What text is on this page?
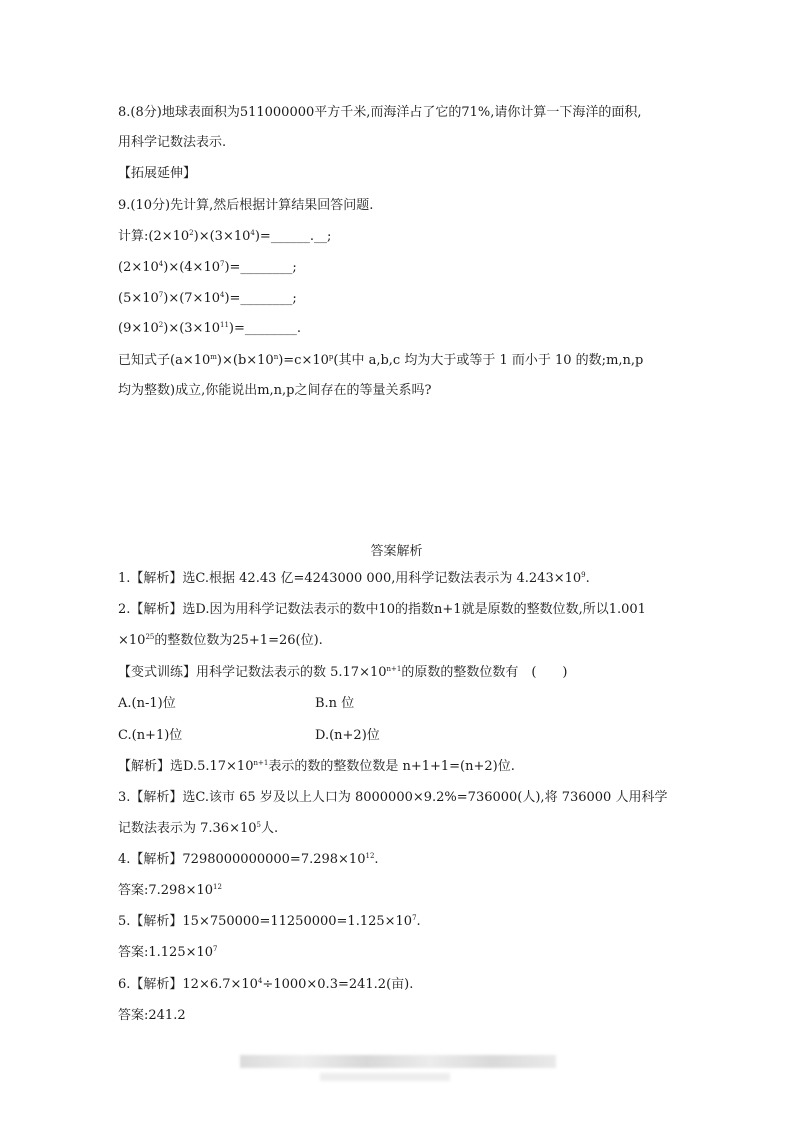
8.(8分)地球表面积为511000000平方千米,而海洋占了它的71%,请你计算一下海洋的面积,
用科学记数法表示.
【拓展延伸】
9.(10分)先计算,然后根据计算结果回答问题.
计算$:(2\times 10^2)\times(3\times 10^4)=\_\_\_\_\_\_.\_\_$;
$(2\times 10^4)\times(4\times 10^7)=\_\_\_\_\_\_\_\_$;
$(5\times 10^7)\times(7\times 10^4)=\_\_\_\_\_\_\_\_$;
$(9\times 10^2)\times(3\times 10^{11})=\_\_\_\_\_\_\_\_$.
已知式子$(a\times 10^m)\times(b\times 10^n)=c\times 10^p$(其中 a,b,c 均为大于或等于 1 而小于 10 的数;m,n,p
均为整数)成立,你能说出m,n,p之间存在的等量关系吗?
答案解析
1.【解析】选C.根据 42.43 亿=4243000 000,用科学记数法表示为 $4.243\times 10^9$.
2.【解析】选D.因为用科学记数法表示的数中10的指数n+1就是原数的整数位数,所以1.001
$\times 10^{25}$的整数位数为25+1=26(位).
【变式训练】用科学记数法表示的数 $5.17\times 10^{n+1}$的原数的整数位数有　(　　)
A.(n-1)位	B.n 位
C.(n+1)位	D.(n+2)位
【解析】选$D.5.17\times 10^{n+1}$表示的数的整数位数是 n+1+1=(n+2)位.
3.【解析】选C.该市 65 岁及以上人口为 8000000×9.2%=736000(人),将 736000 人用科学
记数法表示为 $7.36\times 10^5$人.
4.【解析】$7298000000000=7.298\times 10^{12}$.
答案$:7.298\times 10^{12}$
5.【解析】$15\times 750000=11250000=1.125\times 10^7$.
答案$:1.125\times 10^7$
6.【解析】$12\times 6.7\times 10^4\div 1000\times 0.3=241.2$(亩).
答案:241.2
